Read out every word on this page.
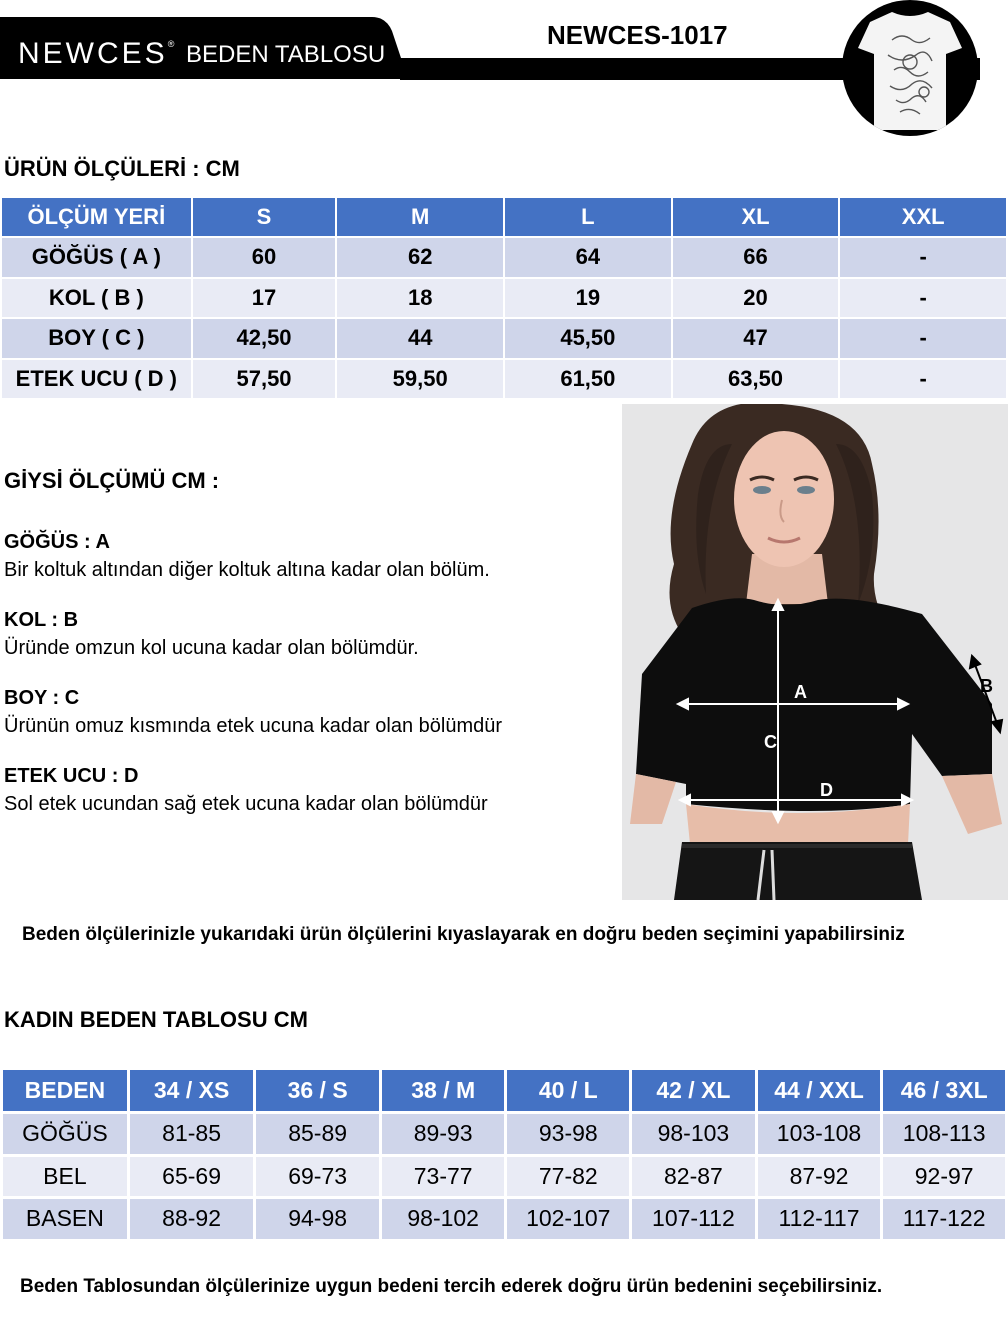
NEWCES® BEDEN TABLOSU
NEWCES-1017
ÜRÜN ÖLÇÜLERİ : CM
ÖLÇÜM YERİ	S	M	L	XL	XXL
GÖĞÜS ( A )	60	62	64	66	-
KOL ( B )	17	18	19	20	-
BOY ( C )	42,50	44	45,50	47	-
ETEK UCU ( D )	57,50	59,50	61,50	63,50	-
GİYSİ ÖLÇÜMÜ CM :
GÖĞÜS : A
Bir koltuk altından diğer koltuk altına kadar olan bölüm.
KOL : B
Üründe omzun kol ucuna kadar olan bölümdür.
BOY : C
Ürünün omuz kısmında etek ucuna kadar olan bölümdür
ETEK UCU : D
Sol etek ucundan sağ etek ucuna kadar olan bölümdür
A
C
D
B
Beden ölçülerinizle yukarıdaki ürün ölçülerini kıyaslayarak en doğru beden seçimini yapabilirsiniz
KADIN BEDEN TABLOSU CM
BEDEN	34 / XS	36 / S	38 / M	40 / L	42 / XL	44 / XXL	46 / 3XL
GÖĞÜS	81-85	85-89	89-93	93-98	98-103	103-108	108-113
BEL	65-69	69-73	73-77	77-82	82-87	87-92	92-97
BASEN	88-92	94-98	98-102	102-107	107-112	112-117	117-122
Beden Tablosundan ölçülerinize uygun bedeni tercih ederek doğru ürün bedenini seçebilirsiniz.
